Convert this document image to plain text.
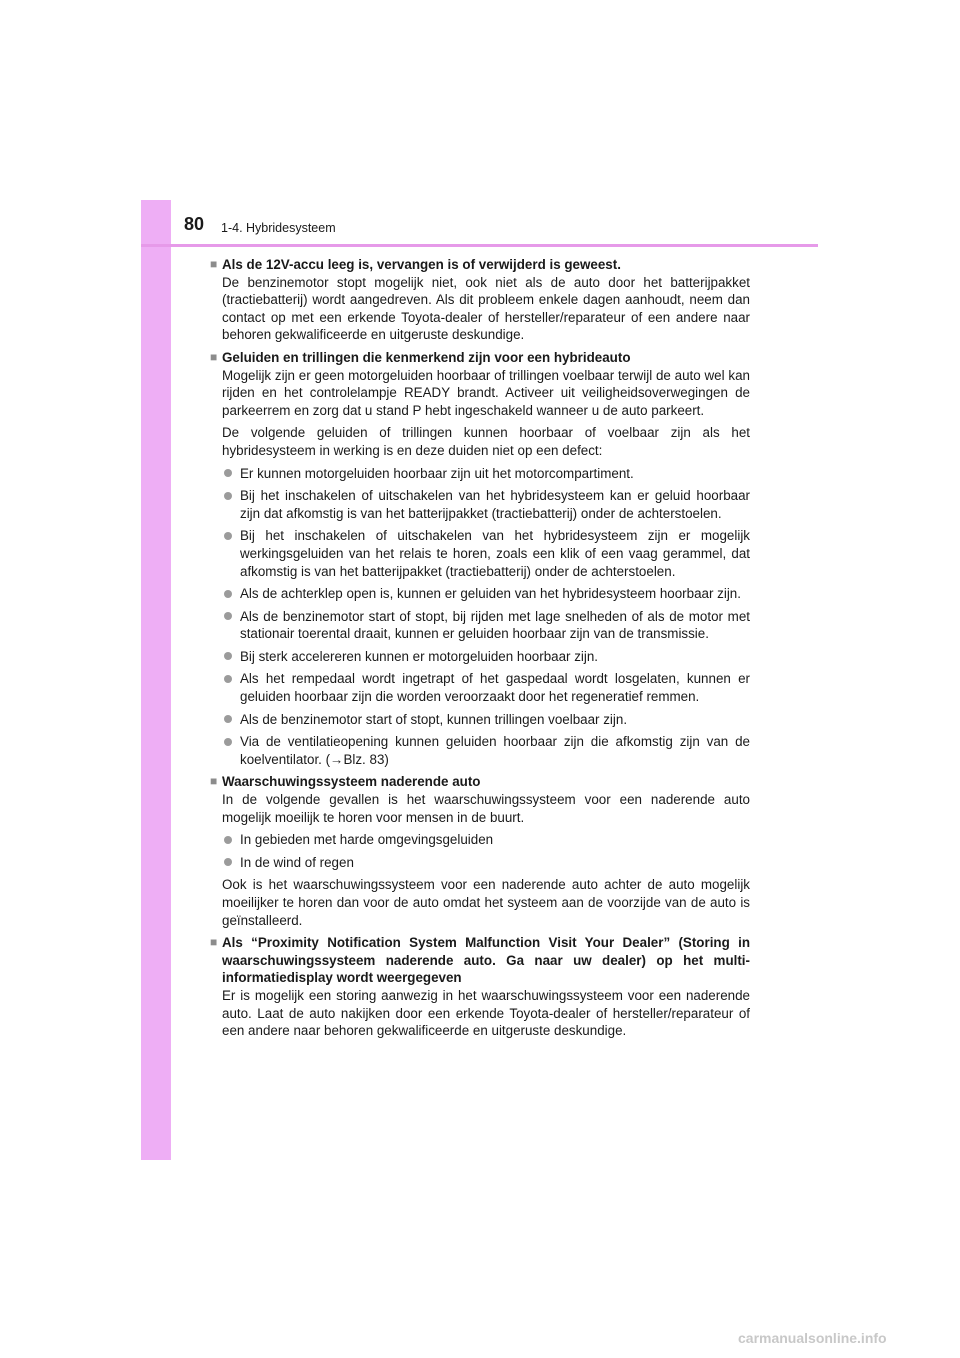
80 1-4. Hybridesysteem
■ Als de 12V-accu leeg is, vervangen is of verwijderd is geweest.
De benzinemotor stopt mogelijk niet, ook niet als de auto door het batterijpakket (tractiebatterij) wordt aangedreven. Als dit probleem enkele dagen aanhoudt, neem dan contact op met een erkende Toyota-dealer of hersteller/reparateur of een andere naar behoren gekwalificeerde en uitgeruste deskundige.
■ Geluiden en trillingen die kenmerkend zijn voor een hybrideauto
Mogelijk zijn er geen motorgeluiden hoorbaar of trillingen voelbaar terwijl de auto wel kan rijden en het controlelampje READY brandt. Activeer uit veiligheidsoverwegingen de parkeerrem en zorg dat u stand P hebt ingeschakeld wanneer u de auto parkeert.
De volgende geluiden of trillingen kunnen hoorbaar of voelbaar zijn als het hybridesysteem in werking is en deze duiden niet op een defect:
Er kunnen motorgeluiden hoorbaar zijn uit het motorcompartiment.
Bij het inschakelen of uitschakelen van het hybridesysteem kan er geluid hoorbaar zijn dat afkomstig is van het batterijpakket (tractiebatterij) onder de achterstoelen.
Bij het inschakelen of uitschakelen van het hybridesysteem zijn er mogelijk werkingsgeluiden van het relais te horen, zoals een klik of een vaag gerammel, dat afkomstig is van het batterijpakket (tractiebatterij) onder de achterstoelen.
Als de achterklep open is, kunnen er geluiden van het hybridesysteem hoorbaar zijn.
Als de benzinemotor start of stopt, bij rijden met lage snelheden of als de motor met stationair toerental draait, kunnen er geluiden hoorbaar zijn van de transmissie.
Bij sterk accelereren kunnen er motorgeluiden hoorbaar zijn.
Als het rempedaal wordt ingetrapt of het gaspedaal wordt losgelaten, kunnen er geluiden hoorbaar zijn die worden veroorzaakt door het regeneratief remmen.
Als de benzinemotor start of stopt, kunnen trillingen voelbaar zijn.
Via de ventilatieopening kunnen geluiden hoorbaar zijn die afkomstig zijn van de koelventilator. (→Blz. 83)
■ Waarschuwingssysteem naderende auto
In de volgende gevallen is het waarschuwingssysteem voor een naderende auto mogelijk moeilijk te horen voor mensen in de buurt.
In gebieden met harde omgevingsgeluiden
In de wind of regen
Ook is het waarschuwingssysteem voor een naderende auto achter de auto mogelijk moeilijker te horen dan voor de auto omdat het systeem aan de voorzijde van de auto is geïnstalleerd.
■ Als “Proximity Notification System Malfunction Visit Your Dealer” (Storing in waarschuwingssysteem naderende auto. Ga naar uw dealer) op het multi-informatiedisplay wordt weergegeven
Er is mogelijk een storing aanwezig in het waarschuwingssysteem voor een naderende auto. Laat de auto nakijken door een erkende Toyota-dealer of hersteller/reparateur of een andere naar behoren gekwalificeerde en uitgeruste deskundige.
carmanualsonline.info
